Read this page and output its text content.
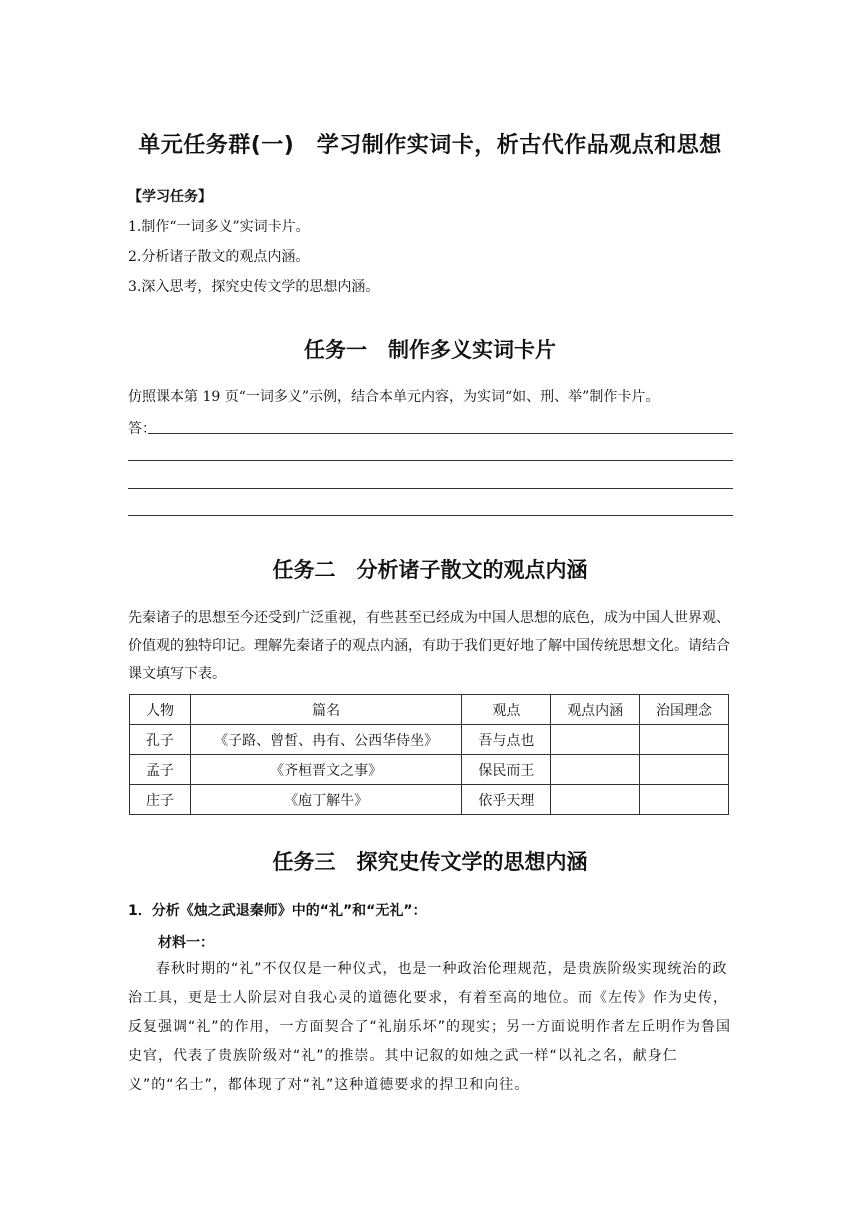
单元任务群(一)　学习制作实词卡，析古代作品观点和思想
【学习任务】
1.制作“一词多义”实词卡片。
2.分析诸子散文的观点内涵。
3.深入思考，探究史传文学的思想内涵。
任务一　制作多义实词卡片

仿照课本第 19 页“一词多义”示例，结合本单元内容，为实词“如、刑、举”制作卡片。

答：
任务二　分析诸子散文的观点内涵

先秦诸子的思想至今还受到广泛重视，有些甚至已经成为中国人思想的底色，成为中国人世界观、价值观的独特印记。理解先秦诸子的观点内涵，有助于我们更好地了解中国传统思想文化。请结合课文填写下表。

人物	篇名	观点	观点内涵	治国理念
孔子	《子路、曾皙、冉有、公西华侍坐》	吾与点也		
孟子	《齐桓晋文之事》	保民而王		
庄子	《庖丁解牛》	依乎天理		
任务三　探究史传文学的思想内涵
1．分析《烛之武退秦师》中的“礼”和“无礼”：
材料一：

春秋时期的“礼”不仅仅是一种仪式，也是一种政治伦理规范，是贵族阶级实现统治的政治工具，更是士人阶层对自我心灵的道德化要求，有着至高的地位。而《左传》作为史传，反复强调“礼”的作用，一方面契合了“礼崩乐坏”的现实；另一方面说明作者左丘明作为鲁国史官，代表了贵族阶级对“礼”的推崇。其中记叙的如烛之武一样“以礼之名，献身仁义”的“名士”，都体现了对“礼”这种道德要求的捍卫和向往。
